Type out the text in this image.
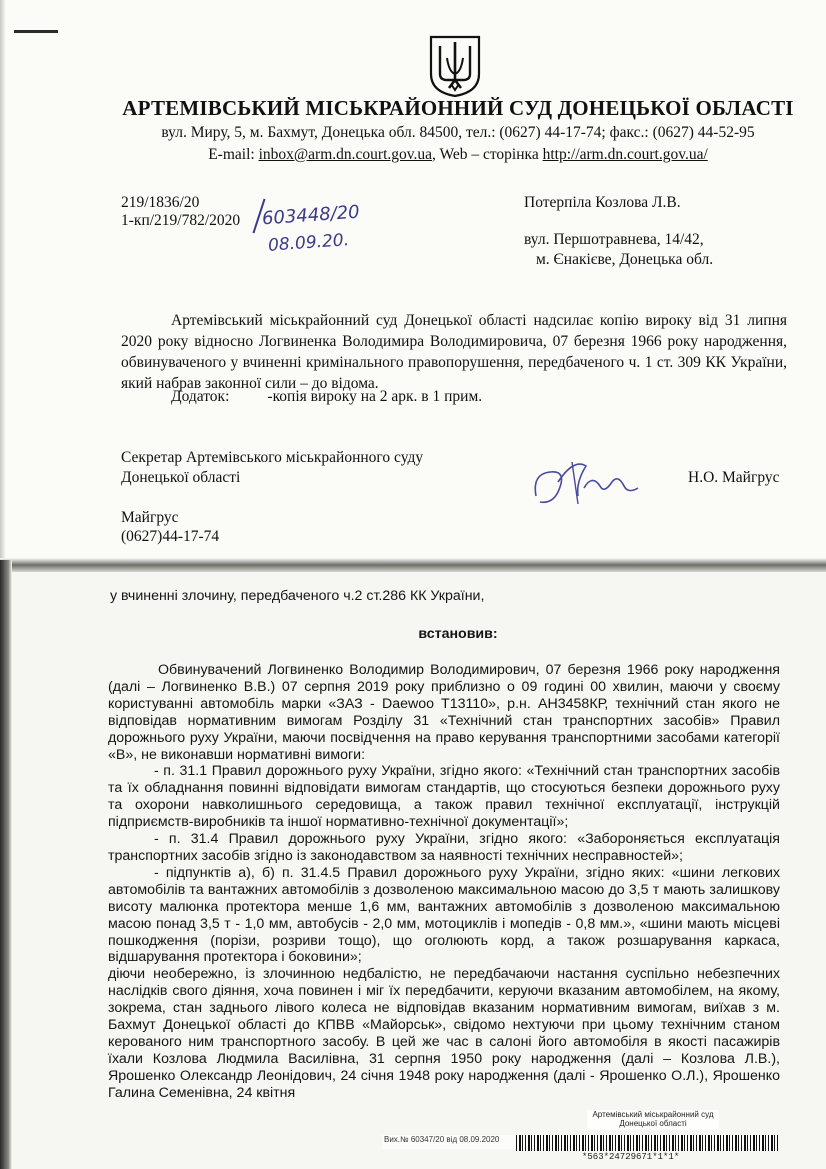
АРТЕМІВСЬКИЙ МІСЬКРАЙОННИЙ СУД ДОНЕЦЬКОЇ ОБЛАСТІ
вул. Миру, 5, м. Бахмут, Донецька обл. 84500, тел.: (0627) 44-17-74; факс.: (0627) 44-52-95
E-mail: inbox@arm.dn.court.gov.ua, Web – сторінка http://arm.dn.court.gov.ua/
219/1836/20
1-кп/219/782/2020 603448/20
08.09.20.
Потерпіла Козлова Л.В.
вул. Першотравнева, 14/42,
м. Єнакієве, Донецька обл.
Артемівський міськрайонний суд Донецької області надсилає копію вироку від 31 липня 2020 року відносно Логвиненка Володимира Володимировича, 07 березня 1966 року народження, обвинуваченого у вчиненні кримінального правопорушення, передбаченого ч. 1 ст. 309 КК України, який набрав законної сили – до відома.
Додаток: -копія вироку на 2 арк. в 1 прим.
Секретар Артемівського міськрайонного суду
Донецької області	Н.О. Майгрус
Майгрус
(0627)44-17-74
у вчиненні злочину, передбаченого ч.2 ст.286 КК України,
встановив:

Обвинувачений Логвиненко Володимир Володимирович, 07 березня 1966 року народження (далі – Логвиненко В.В.) 07 серпня 2019 року приблизно о 09 годині 00 хвилин, маючи у своєму користуванні автомобіль марки «ЗАЗ - Daewoo T13110», р.н. АН3458КР, технічний стан якого не відповідав нормативним вимогам Розділу 31 «Технічний стан транспортних засобів» Правил дорожнього руху України, маючи посвідчення на право керування транспортними засобами категорії «В», не виконавши нормативні вимоги:

- п. 31.1 Правил дорожнього руху України, згідно якого: «Технічний стан транспортних засобів та їх обладнання повинні відповідати вимогам стандартів, що стосуються безпеки дорожнього руху та охорони навколишнього середовища, а також правил технічної експлуатації, інструкцій підприємств-виробників та іншої нормативно-технічної документації»;

- п. 31.4 Правил дорожнього руху України, згідно якого: «Забороняється експлуатація транспортних засобів згідно із законодавством за наявності технічних несправностей»;

- підпунктів а), б) п. 31.4.5 Правил дорожнього руху України, згідно яких: «шини легкових автомобілів та вантажних автомобілів з дозволеною максимальною масою до 3,5 т мають залишкову висоту малюнка протектора менше 1,6 мм, вантажних автомобілів з дозволеною максимальною масою понад 3,5 т - 1,0 мм, автобусів - 2,0 мм, мотоциклів і мопедів - 0,8 мм.», «шини мають місцеві пошкодження (порізи, розриви тощо), що оголюють корд, а також розшарування каркаса, відшарування протектора і боковини»;

діючи необережно, із злочинною недбалістю, не передбачаючи настання суспільно небезпечних наслідків свого діяння, хоча повинен і міг їх передбачити, керуючи вказаним автомобілем, на якому, зокрема, стан заднього лівого колеса не відповідав вказаним нормативним вимогам, виїхав з м. Бахмут Донецької області до КПВВ «Майорськ», свідомо нехтуючи при цьому технічним станом керованого ним транспортного засобу. В цей же час в салоні його автомобіля в якості пасажирів їхали Козлова Людмила Василівна, 31 серпня 1950 року народження (далі – Козлова Л.В.), Ярошенко Олександр Леонідович, 24 січня 1948 року народження (далі - Ярошенко О.Л.), Ярошенко Галина Семенівна, 24 квітня

Артемівський міськрайонний суд
Донецької області
Вих.№ 60347/20 від 08.09.2020
*563*24729671*1*1*
